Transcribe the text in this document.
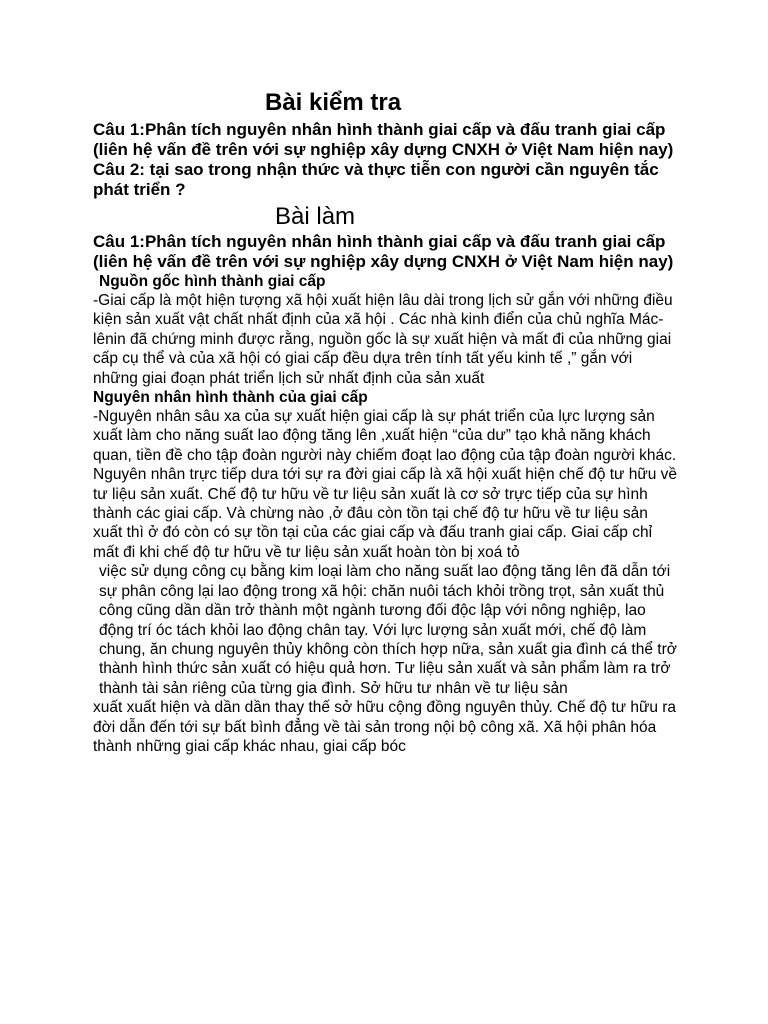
Bài kiểm tra
Câu 1:Phân tích nguyên nhân hình thành giai cấp và đấu tranh giai cấp (liên hệ vấn đề trên với sự nghiệp xây dựng CNXH ở Việt Nam hiện nay)
Câu 2: tại sao trong nhận thức và thực tiễn con người cần nguyên tắc phát triển ?
Bài làm
Câu 1:Phân tích nguyên nhân hình thành giai cấp và đấu tranh giai cấp (liên hệ vấn đề trên với sự nghiệp xây dựng CNXH ở Việt Nam hiện nay)
Nguồn gốc hình thành giai cấp
-Giai cấp là một hiện tượng xã hội xuất hiện lâu dài trong lịch sử gắn với những điều kiện sản xuất vật chất nhất định của xã hội . Các nhà kinh điển của chủ nghĩa Mác- lênin đã chứng minh được rằng, nguồn gốc là sự xuất hiện và mất đi của những giai cấp cụ thể và của xã hội có giai cấp đều dựa trên tính tất yếu kinh tế ,” gắn với những giai đoạn phát triển lịch sử nhất định của sản xuất
Nguyên nhân hình thành của giai cấp
-Nguyên nhân sâu xa của sự xuất hiện giai cấp là sự phát triển của lực lượng sản xuất làm cho năng suất lao động tăng lên ,xuất hiện “của dư” tạo khả năng khách quan, tiền đề cho tập đoàn người này chiếm đoạt lao động của tập đoàn người khác. Nguyên nhân trực tiếp dưa tới sự ra đời giai cấp là xã hội xuất hiện chế độ tư hữu về tư liệu sản xuất. Chế độ tư hữu về tư liệu sản xuất là cơ sở trực tiếp của sự hình thành các giai cấp. Và chừng nào ,ở đâu còn tồn tại chế độ tư hữu về tư liệu sản xuất thì ở đó còn có sự tồn tại của các giai cấp và đấu tranh giai cấp. Giai cấp chỉ mất đi khi chế độ tư hữu về tư liệu sản xuất hoàn tòn bị xoá tỏ
việc sử dụng công cụ bằng kim loại làm cho năng suất lao động tăng lên đã dẫn tới sự phân công lại lao động trong xã hội: chăn nuôi tách khỏi trồng trọt, sản xuất thủ công cũng dần dần trở thành một ngành tương đối độc lập với nông nghiệp, lao động trí óc tách khỏi lao động chân tay. Với lực lượng sản xuất mới, chế độ làm chung, ăn chung nguyên thủy không còn thích hợp nữa, sản xuất gia đình cá thể trở thành hình thức sản xuất có hiệu quả hơn. Tư liệu sản xuất và sản phẩm làm ra trở thành tài sản riêng của từng gia đình. Sở hữu tư nhân về tư liệu sản
xuất xuất hiện và dần dần thay thế sở hữu cộng đồng nguyên thủy. Chế độ tư hữu ra đời dẫn đến tới sự bất bình đẳng về tài sản trong nội bộ công xã. Xã hội phân hóa thành những giai cấp khác nhau, giai cấp bóc
